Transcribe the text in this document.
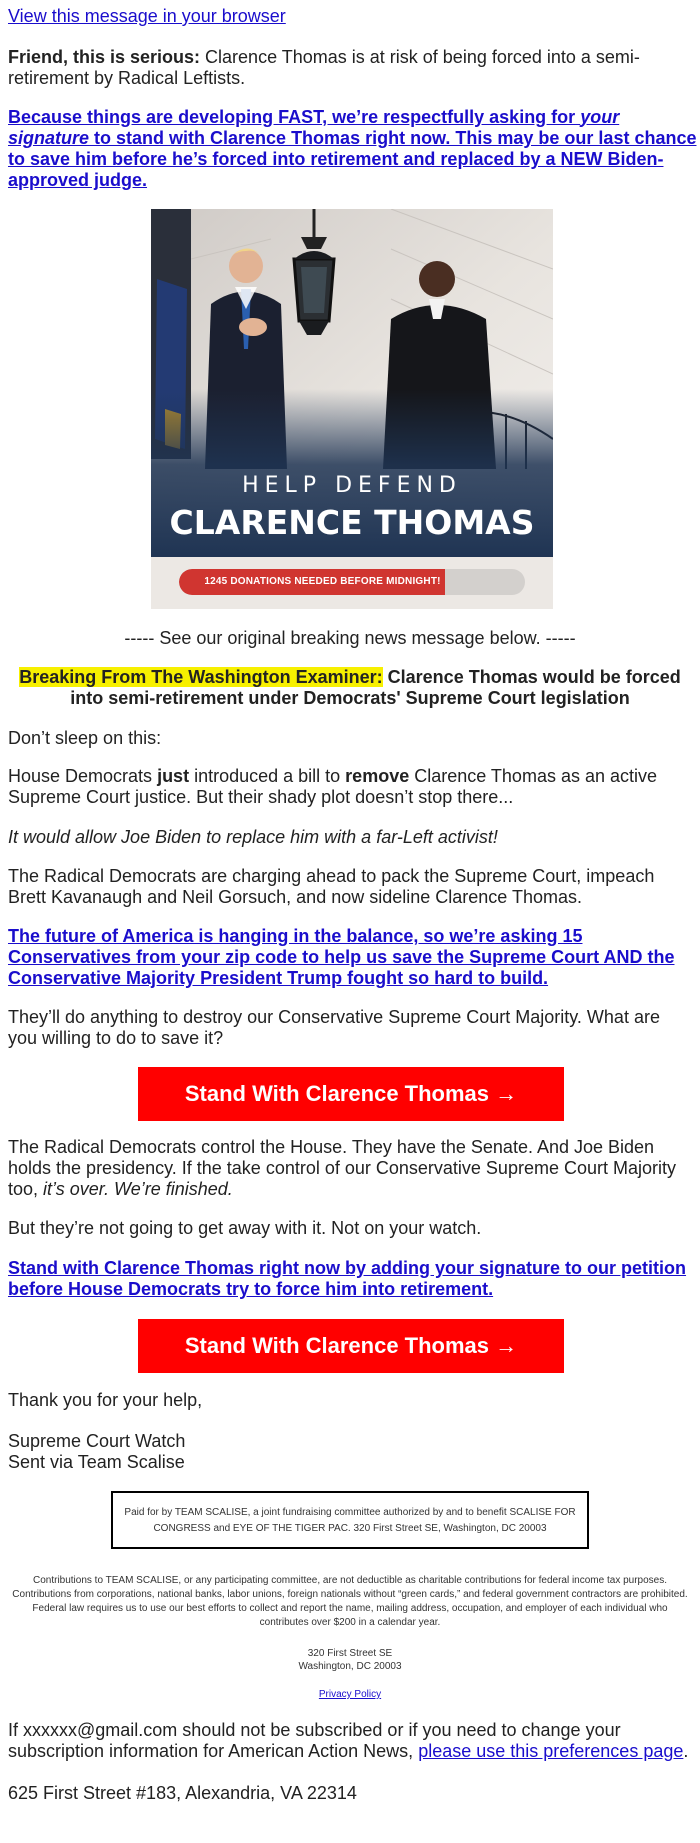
View this message in your browser

Friend, this is serious: Clarence Thomas is at risk of being forced into a semi-retirement by Radical Leftists.

Because things are developing FAST, we’re respectfully asking for your signature to stand with Clarence Thomas right now. This may be our last chance to save him before he’s forced into retirement and replaced by a NEW Biden-approved judge.

HELP DEFEND
CLARENCE THOMAS
1245 DONATIONS NEEDED BEFORE MIDNIGHT!

----- See our original breaking news message below. -----

Breaking From The Washington Examiner: Clarence Thomas would be forced into semi-retirement under Democrats' Supreme Court legislation

Don’t sleep on this:

House Democrats just introduced a bill to remove Clarence Thomas as an active Supreme Court justice. But their shady plot doesn’t stop there...

It would allow Joe Biden to replace him with a far-Left activist!

The Radical Democrats are charging ahead to pack the Supreme Court, impeach Brett Kavanaugh and Neil Gorsuch, and now sideline Clarence Thomas.

The future of America is hanging in the balance, so we’re asking 15 Conservatives from your zip code to help us save the Supreme Court AND the Conservative Majority President Trump fought so hard to build.

They’ll do anything to destroy our Conservative Supreme Court Majority. What are you willing to do to save it?

Stand With Clarence Thomas →

The Radical Democrats control the House. They have the Senate. And Joe Biden holds the presidency. If the take control of our Conservative Supreme Court Majority too, it’s over. We’re finished.

But they’re not going to get away with it. Not on your watch.

Stand with Clarence Thomas right now by adding your signature to our petition before House Democrats try to force him into retirement.

Stand With Clarence Thomas →

Thank you for your help,

Supreme Court Watch

Sent via Team Scalise

Paid for by TEAM SCALISE, a joint fundraising committee authorized by and to benefit SCALISE FOR CONGRESS and EYE OF THE TIGER PAC. 320 First Street SE, Washington, DC 20003

Contributions to TEAM SCALISE, or any participating committee, are not deductible as charitable contributions for federal income tax purposes. Contributions from corporations, national banks, labor unions, foreign nationals without “green cards,” and federal government contractors are prohibited. Federal law requires us to use our best efforts to collect and report the name, mailing address, occupation, and employer of each individual who contributes over $200 in a calendar year.

320 First Street SE

Washington, DC 20003

Privacy Policy

If xxxxxx@gmail.com should not be subscribed or if you need to change your subscription information for American Action News, please use this preferences page.

625 First Street #183, Alexandria, VA 22314
